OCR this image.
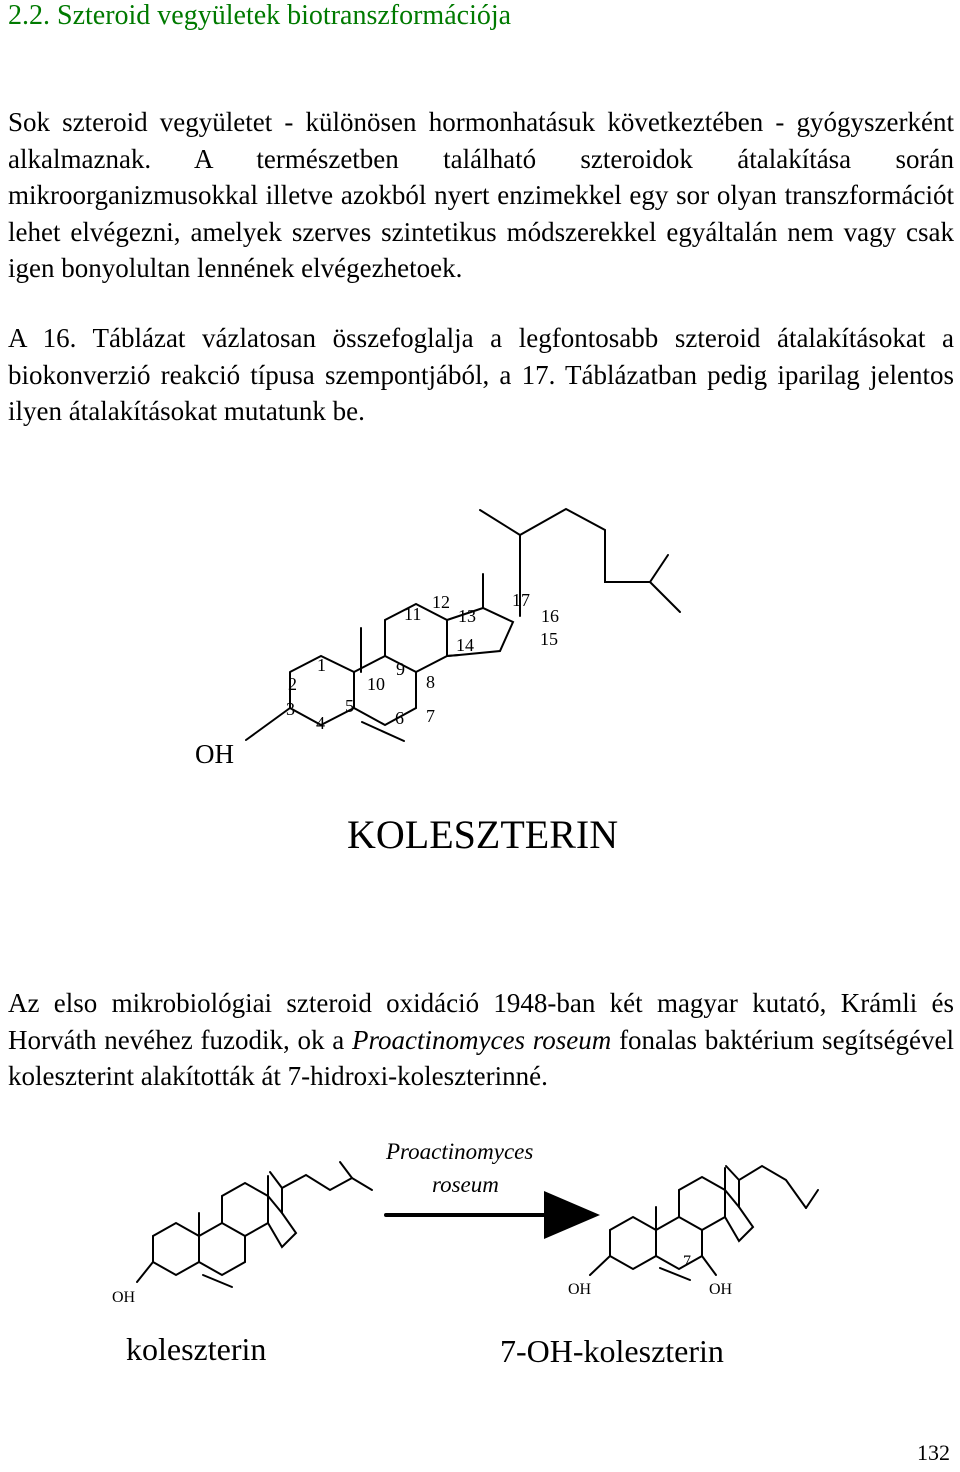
2.2. Szteroid vegyületek biotranszformációja
Sok szteroid vegyületet - különösen hormonhatásuk következtében - gyógyszerként alkalmaznak. A természetben található szteroidok átalakítása során mikroorganizmusokkal illetve azokból nyert enzimekkel egy sor olyan transzformációt lehet elvégezni, amelyek szerves szintetikus módszerekkel egyáltalán nem vagy csak igen bonyolultan lennének elvégezhetoek.
A 16. Táblázat vázlatosan összefoglalja a legfontosabb szteroid átalakításokat a biokonverzió reakció típusa szempontjából, a 17. Táblázatban pedig iparilag jelentos ilyen átalakításokat mutatunk be.
1
2
3
4
5
6 7
8
9
10
11
12
13
14	15
16
17
OH
KOLESZTERIN
Az elso mikrobiológiai szteroid oxidáció 1948-ban két magyar kutató, Krámli és Horváth nevéhez fuzodik, ok a Proactinomyces roseum fonalas baktérium segítségével koleszterint alakították át 7-hidroxi-koleszterinné.
OH	OH	OH
7
Proactinomyces
roseum
koleszterin	7-OH-koleszterin
132
